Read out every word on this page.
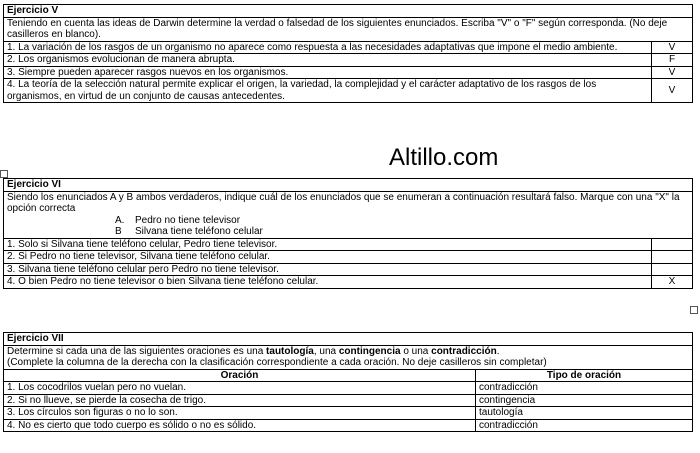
Ejercicio V	
Teniendo en cuenta las ideas de Darwin determine la verdad o falsedad de los siguientes enunciados. Escriba "V" o "F" según corresponda. (No deje casilleros en blanco).	
1. La variación de los rasgos de un organismo no aparece como respuesta a las necesidades adaptativas que impone el medio ambiente.	V
2. Los organismos evolucionan de manera abrupta.	F
3. Siempre pueden aparecer rasgos nuevos en los organismos.	V
4. La teoría de la selección natural permite explicar el origen, la variedad, la complejidad y el carácter adaptativo de los rasgos de los organismos, en virtud de un conjunto de causas antecedentes.	V
Altillo.com
Ejercicio VI	

Siendo los enunciados A y B ambos verdaderos, indique cuál de los enunciados que se enumeran a continuación resultará falso. Marque con una "X" la opción correcta
A. Pedro no tiene televisor
B Silvana tiene teléfono celular	

1. Solo si Silvana tiene teléfono celular, Pedro tiene televisor.	
2. Si Pedro no tiene televisor, Silvana tiene teléfono celular.	
3. Silvana tiene teléfono celular pero Pedro no tiene televisor.	
4. O bien Pedro no tiene televisor o bien Silvana tiene teléfono celular.	X
Ejercicio VII	

Determine si cada una de las siguientes oraciones es una tautología, una contingencia o una contradicción.
(Complete la columna de la derecha con la clasificación correspondiente a cada oración. No deje casilleros sin completar)	

Oración	Tipo de oración
1. Los cocodrilos vuelan pero no vuelan.	contradicción
2. Si no llueve, se pierde la cosecha de trigo.	contingencia
3. Los círculos son figuras o no lo son.	tautología
4. No es cierto que todo cuerpo es sólido o no es sólido.	contradicción
